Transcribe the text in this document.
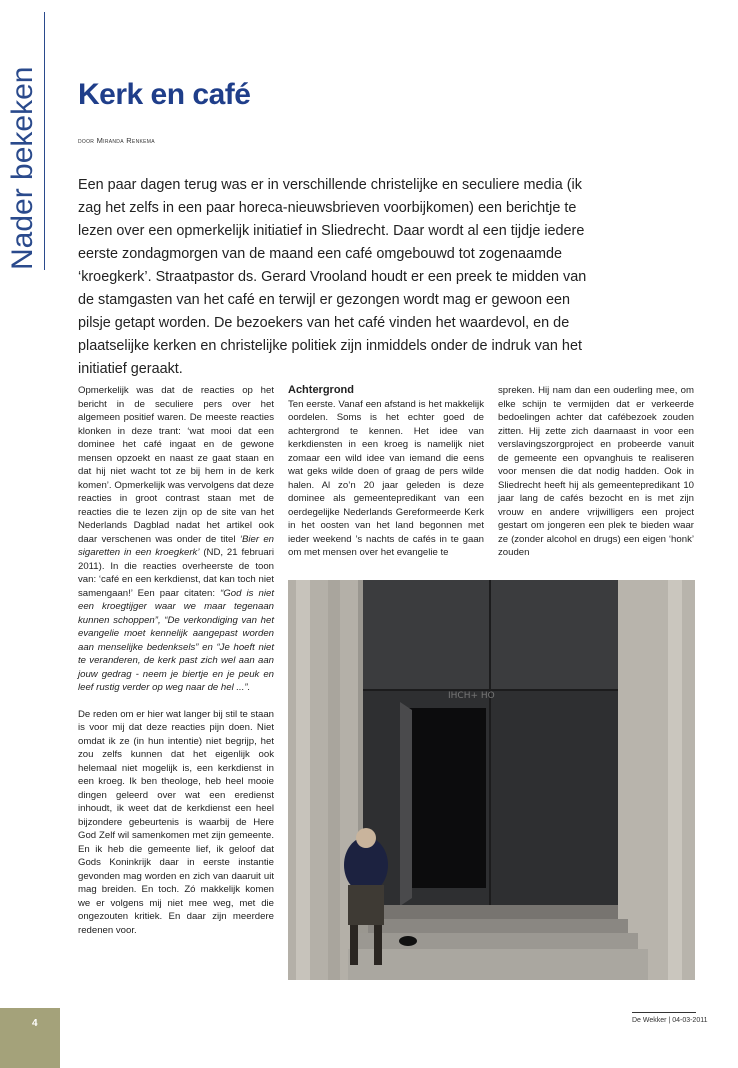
Nader bekeken Kerk en café
door Miranda Renkema

Een paar dagen terug was er in verschillende christelijke en seculiere media (ik zag het zelfs in een paar horeca-nieuwsbrieven voorbijkomen) een berichtje te lezen over een opmerkelijk initiatief in Sliedrecht. Daar wordt al een tijdje iedere eerste zondagmorgen van de maand een café omgebouwd tot zogenaamde ‘kroegkerk’. Straatpastor ds. Gerard Vrooland houdt er een preek te midden van de stamgasten van het café en terwijl er gezongen wordt mag er gewoon een pilsje getapt worden. De bezoekers van het café vinden het waardevol, en de plaatselijke kerken en christelijke politiek zijn inmiddels onder de indruk van het initiatief geraakt.

Opmerkelijk was dat de reacties op het bericht in de seculiere pers over het algemeen positief waren. De meeste reacties klonken in deze trant: ‘wat mooi dat een dominee het café ingaat en de gewone mensen opzoekt en naast ze gaat staan en dat hij niet wacht tot ze bij hem in de kerk komen’. Opmerkelijk was vervolgens dat deze reacties in groot contrast staan met de reacties die te lezen zijn op de site van het Nederlands Dagblad nadat het artikel ook daar verschenen was onder de titel ‘Bier en sigaretten in een kroegkerk’ (ND, 21 februari 2011). In die reacties overheerste de toon van: ‘café en een kerkdienst, dat kan toch niet samengaan!’ Een paar citaten: “God is niet een kroegtijger waar we maar tegenaan kunnen schoppen”, “De verkondiging van het evangelie moet kennelijk aangepast worden aan menselijke bedenksels” en “Je hoeft niet te veranderen, de kerk past zich wel aan aan jouw gedrag - neem je biertje en je peuk en leef rustig verder op weg naar de hel ...”.

De reden om er hier wat langer bij stil te staan is voor mij dat deze reacties pijn doen. Niet omdat ik ze (in hun intentie) niet begrijp, het zou zelfs kunnen dat het eigenlijk ook helemaal niet mogelijk is, een kerkdienst in een kroeg. Ik ben theologe, heb heel mooie dingen geleerd over wat een eredienst inhoudt, ik weet dat de kerkdienst een heel bijzondere gebeurtenis is waarbij de Here God Zelf wil samenkomen met zijn gemeente. En ik heb die gemeente lief, ik geloof dat Gods Koninkrijk daar in eerste instantie gevonden mag worden en zich van daaruit uit mag breiden. En toch. Zó makkelijk komen we er volgens mij niet mee weg, met die ongezouten kritiek. En daar zijn meerdere redenen voor.

Achtergrond

Ten eerste. Vanaf een afstand is het makkelijk oordelen. Soms is het echter goed de achtergrond te kennen. Het idee van kerkdiensten in een kroeg is namelijk niet zomaar een wild idee van iemand die eens wat geks wilde doen of graag de pers wilde halen. Al zo’n 20 jaar geleden is deze dominee als gemeentepredikant van een oerdegelijke Nederlands Gereformeerde Kerk in het oosten van het land begonnen met ieder weekend ’s nachts de cafés in te gaan om met mensen over het evangelie te

spreken. Hij nam dan een ouderling mee, om elke schijn te vermijden dat er verkeerde bedoelingen achter dat cafébezoek zouden zitten. Hij zette zich daarnaast in voor een verslavingszorgproject en probeerde vanuit de gemeente een opvanghuis te realiseren voor mensen die dat nodig hadden. Ook in Sliedrecht heeft hij als gemeentepredikant 10 jaar lang de cafés bezocht en is met zijn vrouw en andere vrijwilligers een project gestart om jongeren een plek te bieden waar ze (zonder alcohol en drugs) een eigen ‘honk’ zouden

IHCH+ HO
4	De Wekker | 04-03-2011
